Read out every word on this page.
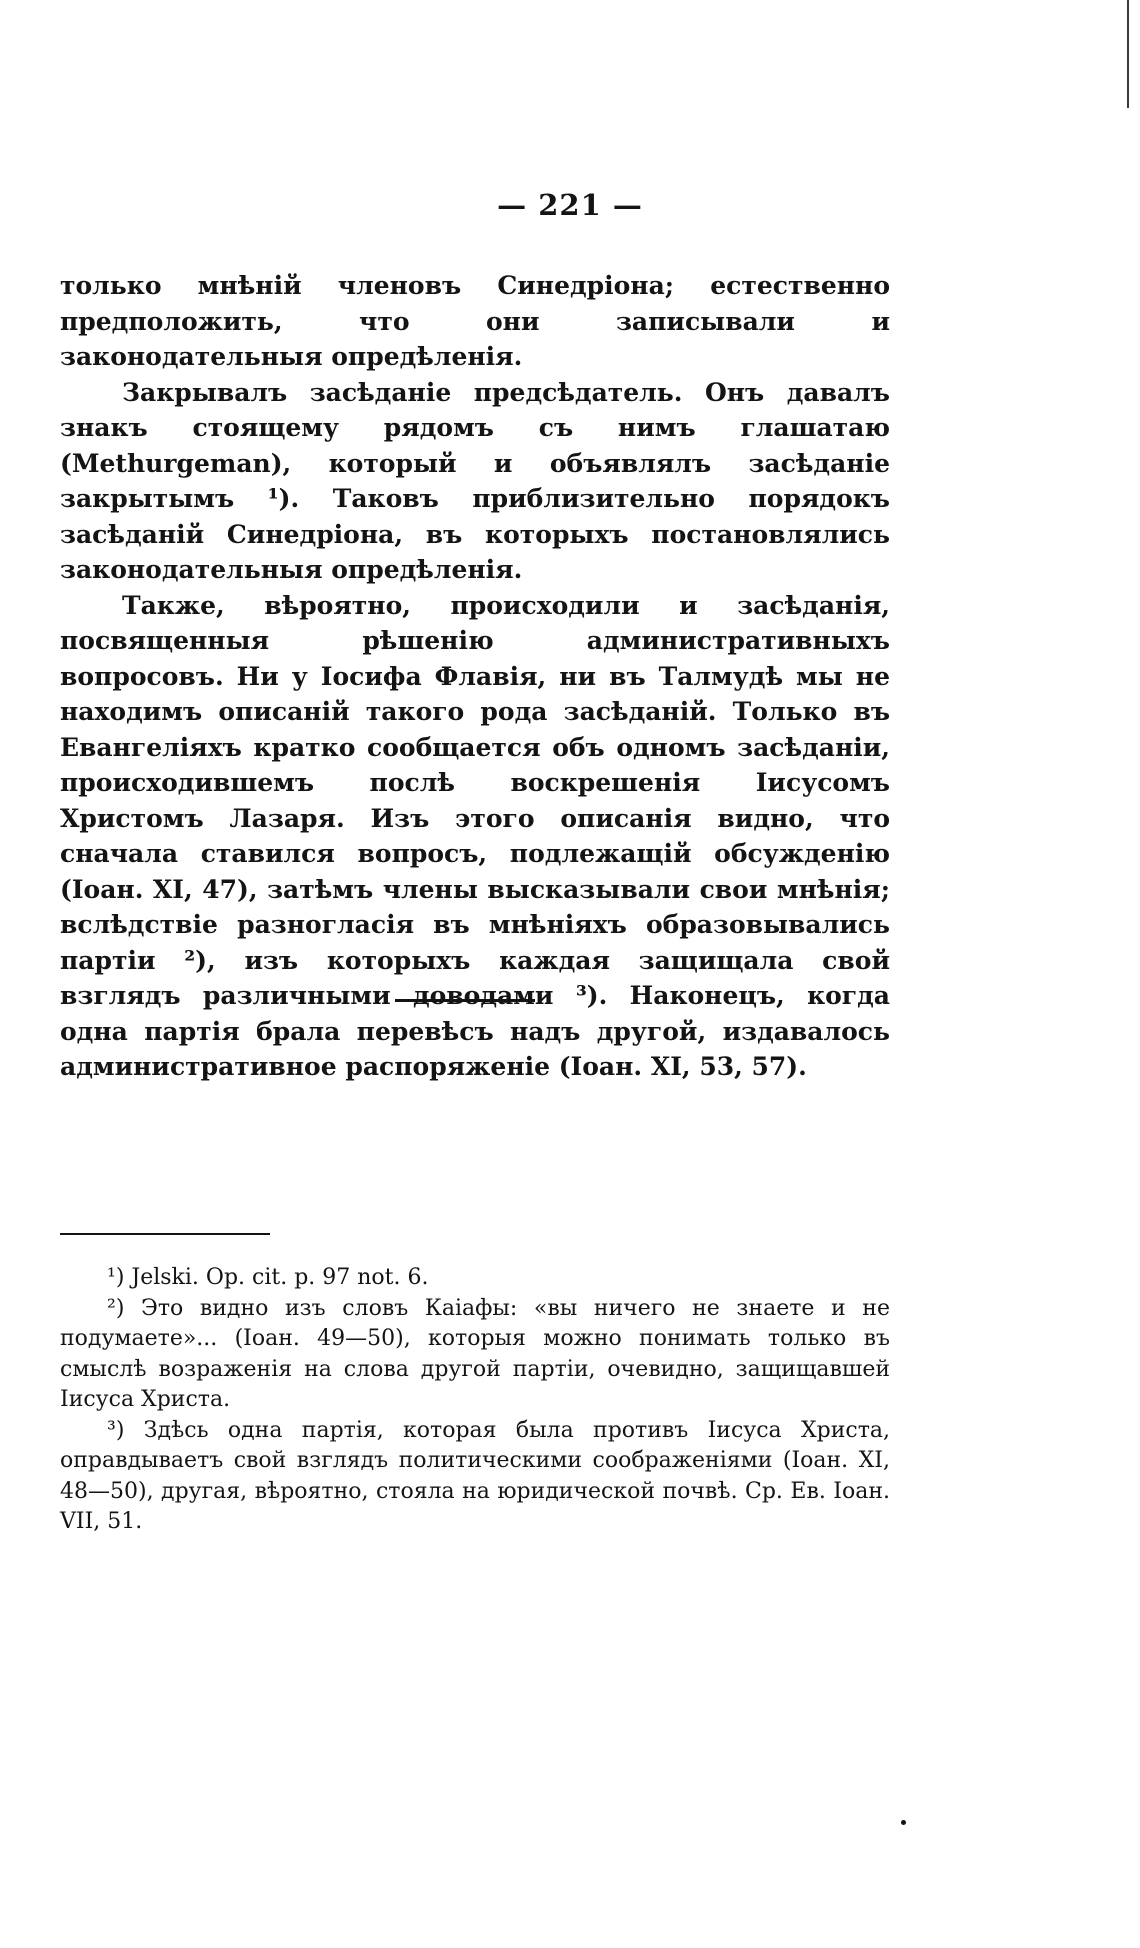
— 221 —

только мнѣній членовъ Синедріона; естественно предположить, что они записывали и законодательныя опредѣленія.

Закрывалъ засѣданіе предсѣдатель. Онъ давалъ знакъ стоящему рядомъ съ нимъ глашатаю (Methurgeman), который и объявлялъ засѣданіе закрытымъ ¹). Таковъ приблизительно порядокъ засѣданій Синедріона, въ которыхъ постановлялись законодательныя опредѣленія.

Также, вѣроятно, происходили и засѣданія, посвященныя рѣшенію административныхъ вопросовъ. Ни у Іосифа Флавія, ни въ Талмудѣ мы не находимъ описаній такого рода засѣданій. Только въ Евангеліяхъ кратко сообщается объ одномъ засѣданіи, происходившемъ послѣ воскрешенія Іисусомъ Христомъ Лазаря. Изъ этого описанія видно, что сначала ставился вопросъ, подлежащій обсужденію (Іоан. XI, 47), затѣмъ члены высказывали свои мнѣнія; вслѣдствіе разногласія въ мнѣніяхъ образовывались партіи ²), изъ которыхъ каждая защищала свой взглядъ различными доводами ³). Наконецъ, когда одна партія брала перевѣсъ надъ другой, издавалось административное распоряженіе (Іоан. XI, 53, 57).

¹) Jelski. Op. cit. p. 97 not. 6.

²) Это видно изъ словъ Каіафы: «вы ничего не знаете и не подумаете»... (Іоан. 49—50), которыя можно понимать только въ смыслѣ возраженія на слова другой партіи, очевидно, защищавшей Іисуса Христа.

³) Здѣсь одна партія, которая была противъ Іисуса Христа, оправдываетъ свой взглядъ политическими соображеніями (Іоан. XI, 48—50), другая, вѣроятно, стояла на юридической почвѣ. Ср. Ев. Іоан. VII, 51.
